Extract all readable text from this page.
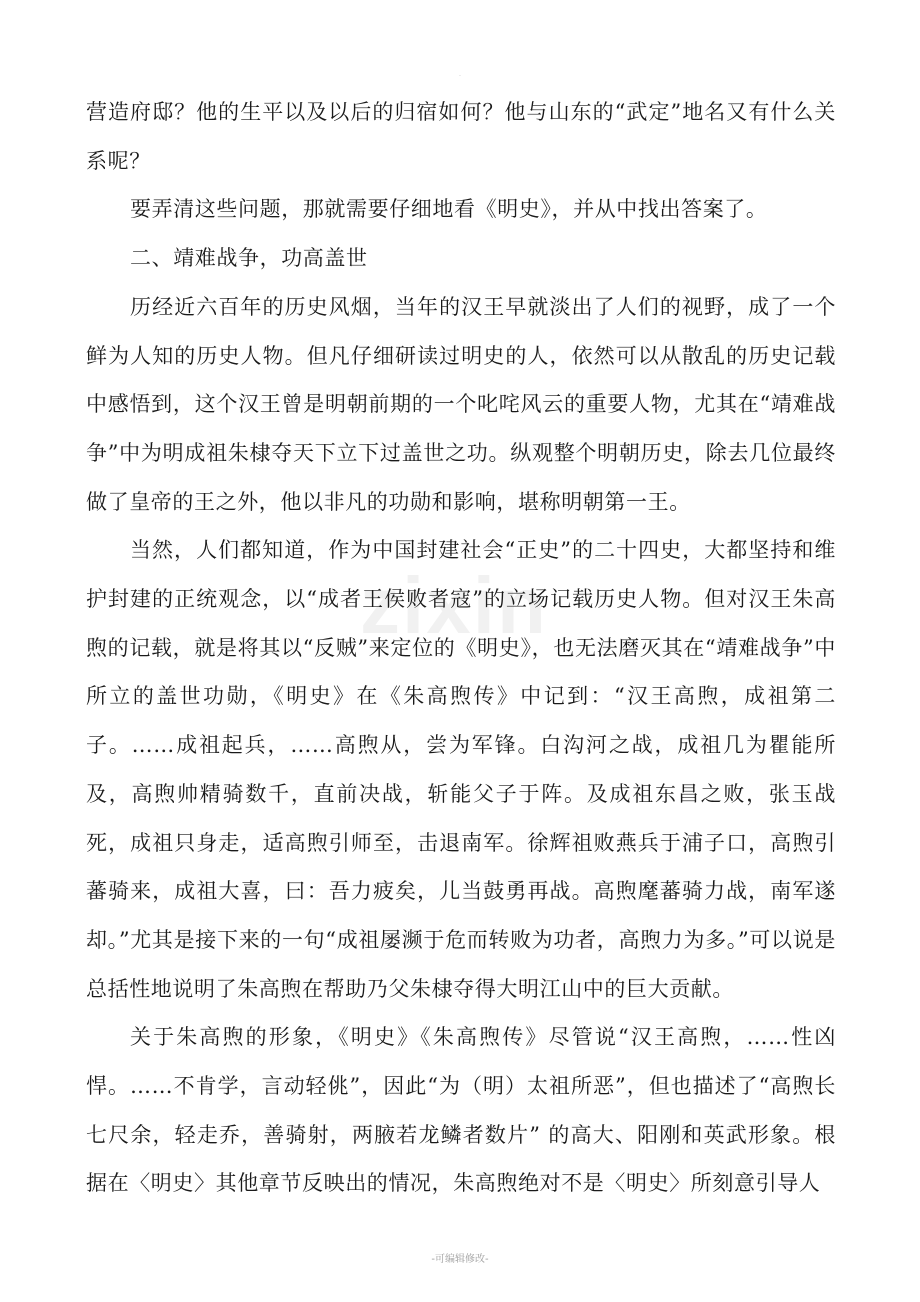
.
zixin

营造府邸？他的生平以及以后的归宿如何？他与山东的“武定”地名又有什么关系呢？

要弄清这些问题，那就需要仔细地看《明史》，并从中找出答案了。

二、靖难战争，功高盖世

历经近六百年的历史风烟，当年的汉王早就淡出了人们的视野，成了一个鲜为人知的历史人物。但凡仔细研读过明史的人，依然可以从散乱的历史记载中感悟到，这个汉王曾是明朝前期的一个叱咤风云的重要人物，尤其在“靖难战争”中为明成祖朱棣夺天下立下过盖世之功。纵观整个明朝历史，除去几位最终做了皇帝的王之外，他以非凡的功勋和影响，堪称明朝第一王。

当然，人们都知道，作为中国封建社会“正史”的二十四史，大都坚持和维护封建的正统观念，以“成者王侯败者寇”的立场记载历史人物。但对汉王朱高煦的记载，就是将其以“反贼”来定位的《明史》，也无法磨灭其在“靖难战争”中所立的盖世功勋，《明史》在《朱高煦传》中记到：“汉王高煦，成祖第二子。……成祖起兵，……高煦从，尝为军锋。白沟河之战，成祖几为瞿能所及，高煦帅精骑数千，直前决战，斩能父子于阵。及成祖东昌之败，张玉战死，成祖只身走，适高煦引师至，击退南军。徐辉祖败燕兵于浦子口，高煦引蕃骑来，成祖大喜，曰：吾力疲矣，儿当鼓勇再战。高煦麾蕃骑力战，南军遂却。”尤其是接下来的一句“成祖屡濒于危而转败为功者，高煦力为多。”可以说是总括性地说明了朱高煦在帮助乃父朱棣夺得大明江山中的巨大贡献。

关于朱高煦的形象，《明史》《朱高煦传》尽管说“汉王高煦，……性凶悍。……不肯学，言动轻佻”，因此“为（明）太祖所恶”，但也描述了“高煦长七尺余，轻走乔，善骑射，两腋若龙鳞者数片” 的高大、阳刚和英武形象。根据在〈明史〉其他章节反映出的情况，朱高煦绝对不是〈明史〉所刻意引导人

-可编辑修改-
